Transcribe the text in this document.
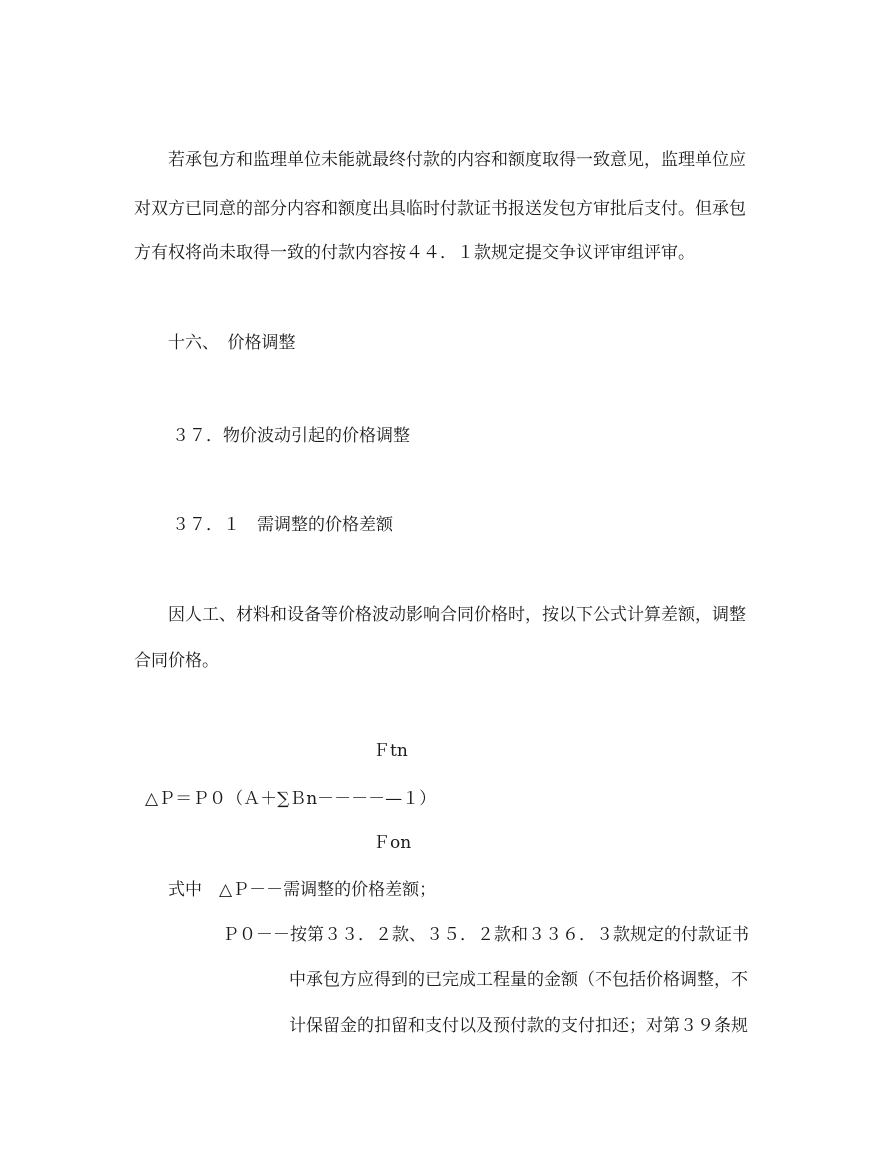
若承包方和监理单位未能就最终付款的内容和额度取得一致意见，监理单位应
对双方已同意的部分内容和额度出具临时付款证书报送发包方审批后支付。但承包
方有权将尚未取得一致的付款内容按４４．１款规定提交争议评审组评审。
十六、　价格调整
３７．物价波动引起的价格调整
３７．１　需调整的价格差额
因人工、材料和设备等价格波动影响合同价格时，按以下公式计算差额，调整
合同价格。
Ｆtn
△Ｐ＝Ｐ０（Ａ＋∑Ｂn－－－－—１）
Ｆon
式中　△Ｐ－－需调整的价格差额；
Ｐ０－－按第３３．２款、３５．２款和３３６．３款规定的付款证书
中承包方应得到的已完成工程量的金额（不包括价格调整，不
计保留金的扣留和支付以及预付款的支付扣还；对第３９条规
